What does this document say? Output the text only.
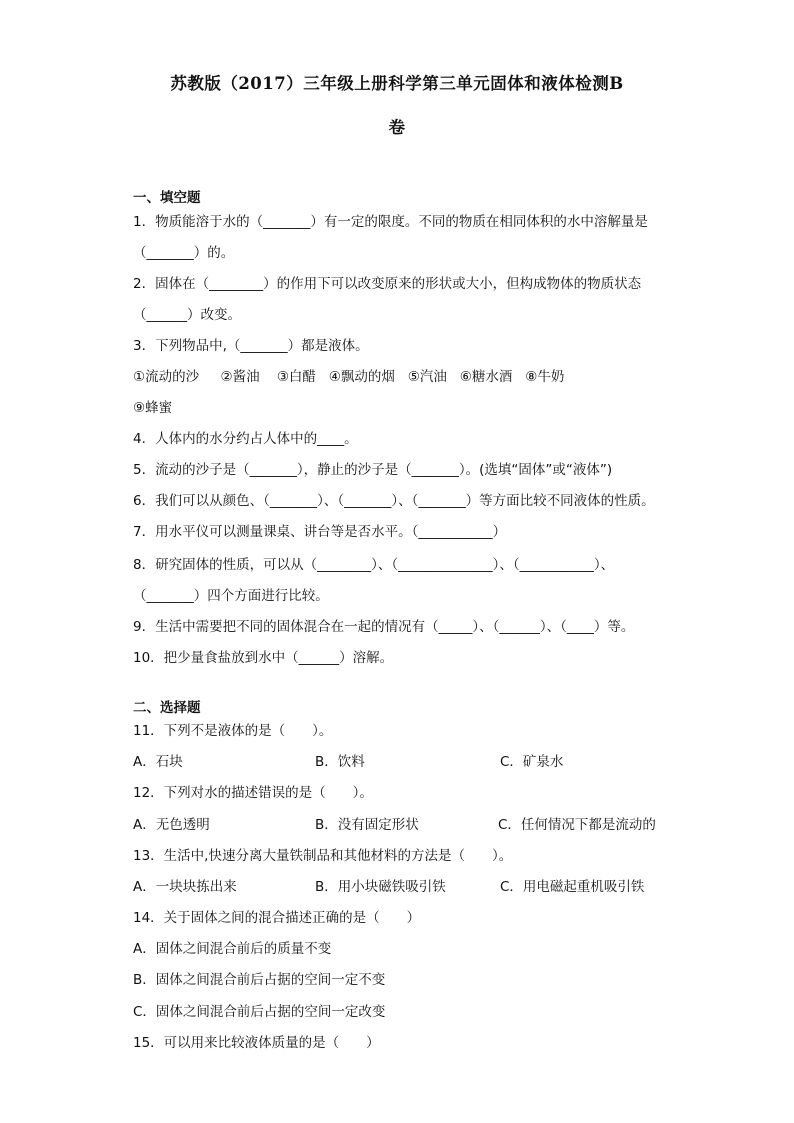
苏教版（2017）三年级上册科学第三单元固体和液体检测B
卷
一、填空题
1．物质能溶于水的（_______）有一定的限度。不同的物质在相同体积的水中溶解量是
（_______）的。
2．固体在（________）的作用下可以改变原来的形状或大小，但构成物体的物质状态
（______）改变。
3．下列物品中,（_______）都是液体。
①流动的沙     ②酱油    ③白醋   ④飘动的烟   ⑤汽油   ⑥糖水酒   ⑧牛奶
⑨蜂蜜
4．人体内的水分约占人体中的____。
5．流动的沙子是（_______），静止的沙子是（_______）。(选填“固体”或“液体”)
6．我们可以从颜色、（_______）、（_______）、（_______）等方面比较不同液体的性质。
7．用水平仪可以测量课桌、讲台等是否水平。（___________）
8．研究固体的性质，可以从（________）、（______________）、（___________）、
（_______）四个方面进行比较。
9．生活中需要把不同的固体混合在一起的情况有（_____）、（______）、（____）等。
10．把少量食盐放到水中（______）溶解。
二、选择题
11．下列不是液体的是（　　）。
A．石块	B．饮料	C．矿泉水
12．下列对水的描述错误的是（　　）。
A．无色透明	B．没有固定形状	C．任何情况下都是流动的
13．生活中,快速分离大量铁制品和其他材料的方法是（　　）。
A．一块块拣出来	B．用小块磁铁吸引铁	C．用电磁起重机吸引铁
14．关于固体之间的混合描述正确的是（　　）
A．固体之间混合前后的质量不变
B．固体之间混合前后占据的空间一定不变
C．固体之间混合前后占据的空间一定改变
15．可以用来比较液体质量的是（　　）
